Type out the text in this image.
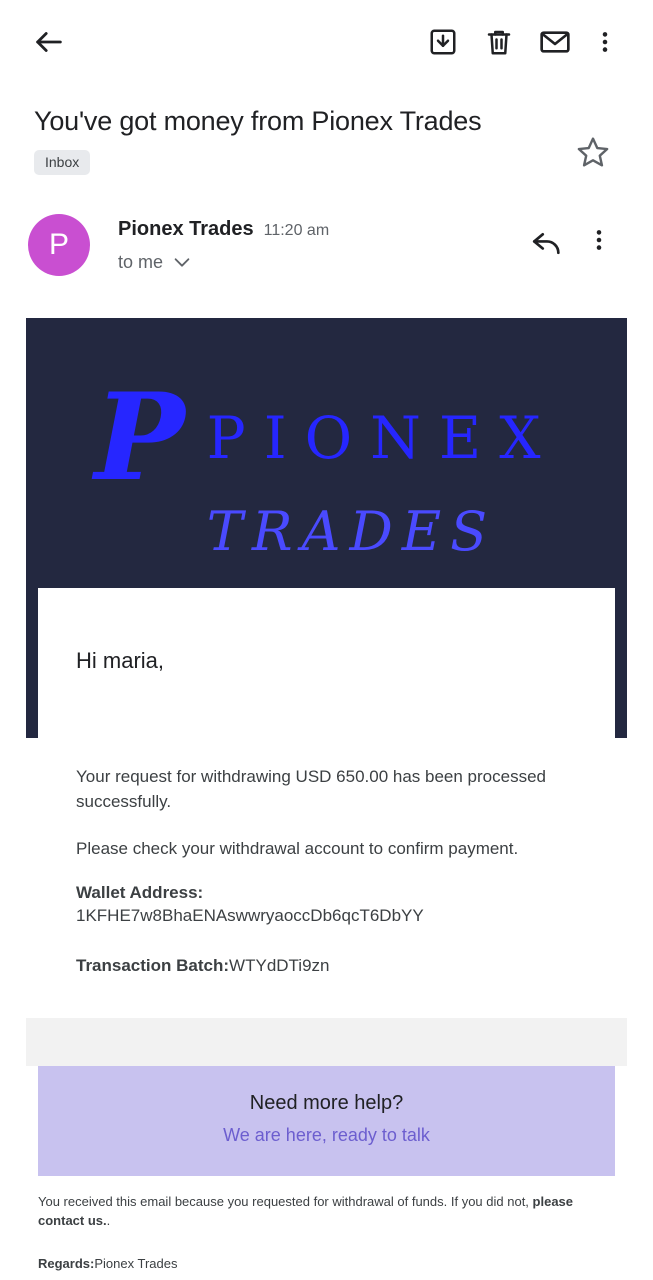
You've got money from Pionex Trades
Inbox
P	Pionex Trades 11:20 am
to me
P PIONEX
TRADES
Hi maria,
Your request for withdrawing USD 650.00 has been processed successfully.
Please check your withdrawal account to confirm payment.
Wallet Address:
1KFHE7w8BhaENAswwryaoccDb6qcT6DbYY
Transaction Batch:WTYdDTi9zn
Need more help?
We are here, ready to talk
You received this email because you requested for withdrawal of funds. If you did not, please contact us..
Regards:Pionex Trades
